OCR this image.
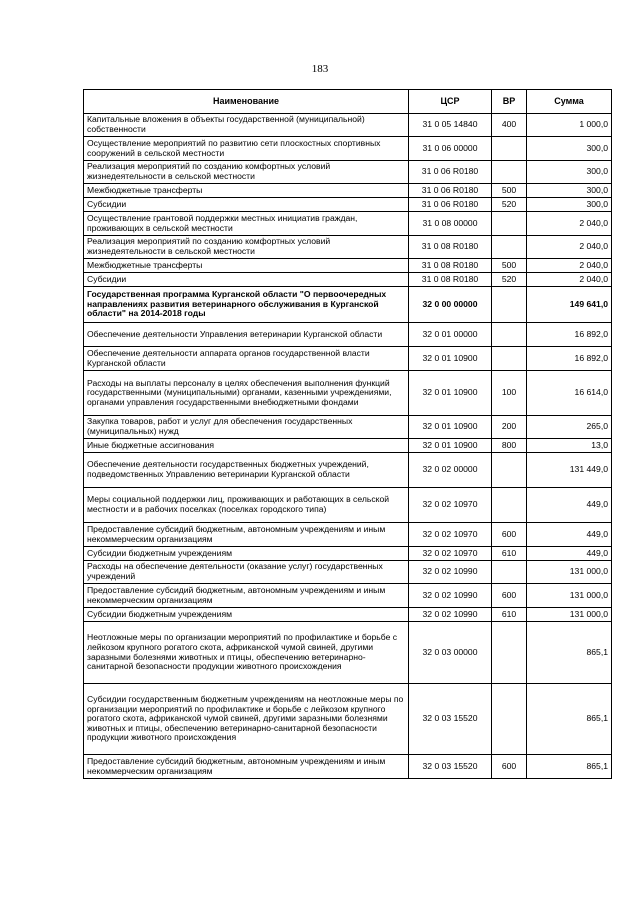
183
Наименование	ЦСР	ВР	Сумма
Капитальные вложения в объекты государственной (муниципальной) собственности	31 0 05 14840	400	1 000,0
Осуществление мероприятий по развитию сети плоскостных спортивных сооружений в сельской местности	31 0 06 00000		300,0
Реализация мероприятий по созданию комфортных условий жизнедеятельности в сельской местности	31 0 06 R0180		300,0
Межбюджетные трансферты	31 0 06 R0180	500	300,0
Субсидии	31 0 06 R0180	520	300,0
Осуществление грантовой поддержки местных инициатив граждан, проживающих в сельской местности	31 0 08 00000		2 040,0
Реализация мероприятий по созданию комфортных условий жизнедеятельности в сельской местности	31 0 08 R0180		2 040,0
Межбюджетные трансферты	31 0 08 R0180	500	2 040,0
Субсидии	31 0 08 R0180	520	2 040,0
Государственная программа Курганской области "О первоочередных направлениях развития ветеринарного обслуживания в Курганской области" на 2014-2018 годы	32 0 00 00000		149 641,0
Обеспечение деятельности Управления ветеринарии Курганской области	32 0 01 00000		16 892,0
Обеспечение деятельности аппарата органов государственной власти Курганской области	32 0 01 10900		16 892,0
Расходы на выплаты персоналу в целях обеспечения выполнения функций государственными (муниципальными) органами, казенными учреждениями, органами управления государственными внебюджетными фондами	32 0 01 10900	100	16 614,0
Закупка товаров, работ и услуг для обеспечения государственных (муниципальных) нужд	32 0 01 10900	200	265,0
Иные бюджетные ассигнования	32 0 01 10900	800	13,0
Обеспечение деятельности государственных бюджетных учреждений, подведомственных Управлению ветеринарии Курганской области	32 0 02 00000		131 449,0
Меры социальной поддержки лиц, проживающих и работающих в сельской местности и в рабочих поселках (поселках городского типа)	32 0 02 10970		449,0
Предоставление субсидий бюджетным, автономным учреждениям и иным некоммерческим организациям	32 0 02 10970	600	449,0
Субсидии бюджетным учреждениям	32 0 02 10970	610	449,0
Расходы на обеспечение деятельности (оказание услуг) государственных учреждений	32 0 02 10990		131 000,0
Предоставление субсидий бюджетным, автономным учреждениям и иным некоммерческим организациям	32 0 02 10990	600	131 000,0
Субсидии бюджетным учреждениям	32 0 02 10990	610	131 000,0
Неотложные меры по организации мероприятий по профилактике и борьбе с лейкозом крупного рогатого скота, африканской чумой свиней, другими заразными болезнями животных и птицы, обеспечению ветеринарно-санитарной безопасности продукции животного происхождения	32 0 03 00000		865,1
Субсидии государственным бюджетным учреждениям на неотложные меры по организации мероприятий по профилактике и борьбе с лейкозом крупного рогатого скота, африканской чумой свиней, другими заразными болезнями животных и птицы, обеспечению ветеринарно-санитарной безопасности продукции животного происхождения	32 0 03 15520		865,1
Предоставление субсидий бюджетным, автономным учреждениям и иным некоммерческим организациям	32 0 03 15520	600	865,1
